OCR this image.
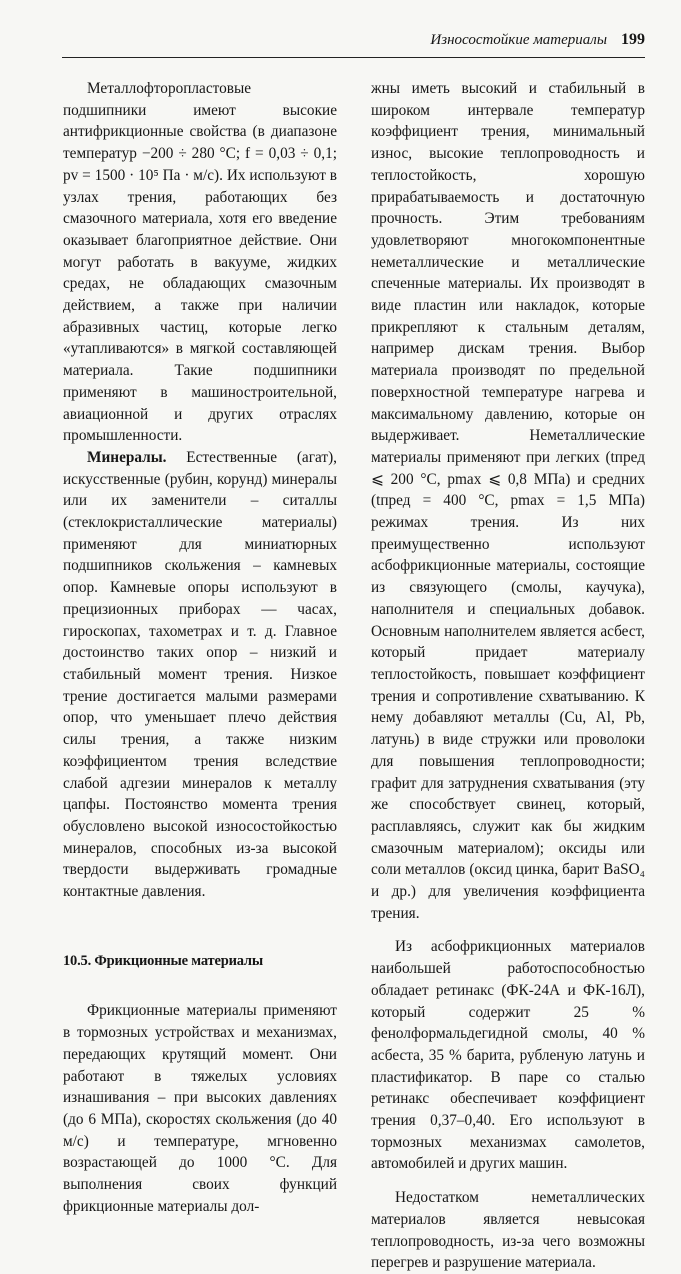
Износостойкие материалы 199

Металлофторопластовые подшипники имеют высокие антифрикционные свойства (в диапазоне температур −200 ÷ 280 °C; f = 0,03 ÷ 0,1; pv = 1500 · 10⁵ Па · м/с). Их используют в узлах трения, работающих без смазочного материала, хотя его введение оказывает благоприятное действие. Они могут работать в вакууме, жидких средах, не обладающих смазочным действием, а также при наличии абразивных частиц, которые легко «утапливаются» в мягкой составляющей материала. Такие подшипники применяют в машиностроительной, авиационной и других отраслях промышленности.

Минералы. Естественные (агат), искусственные (рубин, корунд) минералы или их заменители – ситаллы (стеклокристаллические материалы) применяют для миниатюрных подшипников скольжения – камневых опор. Камневые опоры используют в прецизионных приборах — часах, гироскопах, тахометрах и т. д. Главное достоинство таких опор – низкий и стабильный момент трения. Низкое трение достигается малыми размерами опор, что уменьшает плечо действия силы трения, а также низким коэффициентом трения вследствие слабой адгезии минералов к металлу цапфы. Постоянство момента трения обусловлено высокой износостойкостью минералов, способных из-за высокой твердости выдерживать громадные контактные давления.

10.5. Фрикционные материалы

Фрикционные материалы применяют в тормозных устройствах и механизмах, передающих крутящий момент. Они работают в тяжелых условиях изнашивания – при высоких давлениях (до 6 МПа), скоростях скольжения (до 40 м/с) и температуре, мгновенно возрастающей до 1000 °C. Для выполнения своих функций фрикционные материалы дол-

жны иметь высокий и стабильный в широком интервале температур коэффициент трения, минимальный износ, высокие теплопроводность и теплостойкость, хорошую прирабатываемость и достаточную прочность. Этим требованиям удовлетворяют многокомпонентные неметаллические и металлические спеченные материалы. Их производят в виде пластин или накладок, которые прикрепляют к стальным деталям, например дискам трения. Выбор материала производят по предельной поверхностной температуре нагрева и максимальному давлению, которые он выдерживает. Неметаллические материалы применяют при легких (tпред ⩽ 200 °C, pmax ⩽ 0,8 МПа) и средних (tпред = 400 °C, pmax = 1,5 МПа) режимах трения. Из них преимущественно используют асбофрикционные материалы, состоящие из связующего (смолы, каучука), наполнителя и специальных добавок. Основным наполнителем является асбест, который придает материалу теплостойкость, повышает коэффициент трения и сопротивление схватыванию. К нему добавляют металлы (Cu, Al, Pb, латунь) в виде стружки или проволоки для повышения теплопроводности; графит для затруднения схватывания (эту же способствует свинец, который, расплавляясь, служит как бы жидким смазочным материалом); оксиды или соли металлов (оксид цинка, барит BaSO₄ и др.) для увеличения коэффициента трения.

Из асбофрикционных материалов наибольшей работоспособностью обладает ретинакс (ФК-24А и ФК-16Л), который содержит 25 % фенолформальдегидной смолы, 40 % асбеста, 35 % барита, рубленую латунь и пластификатор. В паре со сталью ретинакс обеспечивает коэффициент трения 0,37–0,40. Его используют в тормозных механизмах самолетов, автомобилей и других машин.

Недостатком неметаллических материалов является невысокая теплопроводность, из-за чего возможны перегрев и разрушение материала.
